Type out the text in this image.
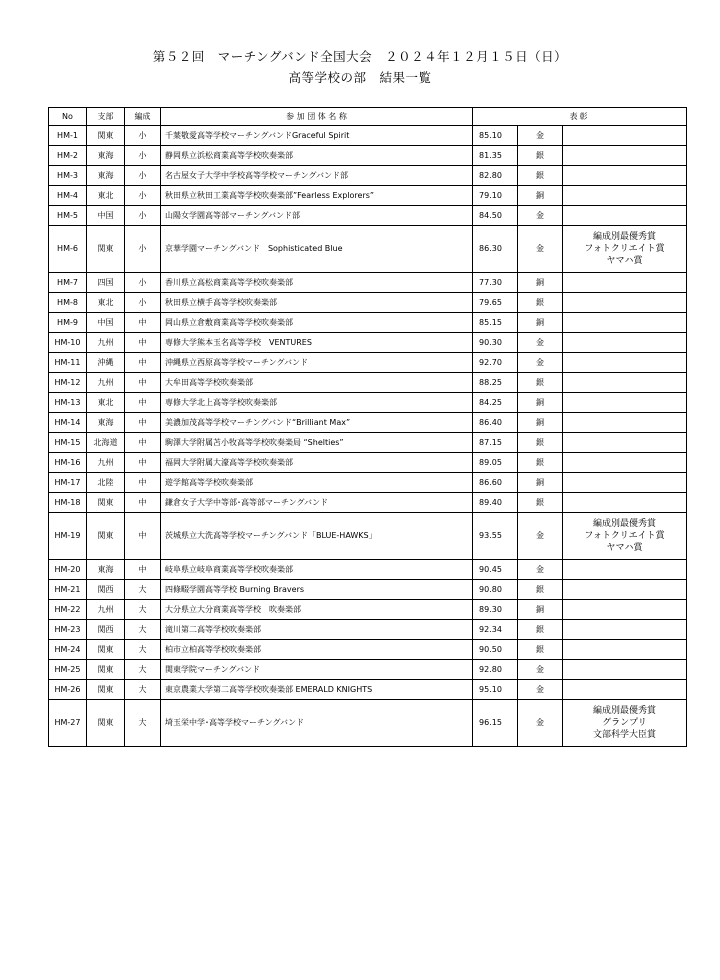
第５２回　マーチングバンド全国大会　２０２４年１２月１５日（日）
高等学校の部　結果一覧
No	支部	編成	参 加 団 体 名 称	表彰		
HM-1	関東	小	千葉敬愛高等学校マーチングバンドGraceful Spirit	85.10	金	
HM-2	東海	小	静岡県立浜松商業高等学校吹奏楽部	81.35	銀	
HM-3	東海	小	名古屋女子大学中学校高等学校マーチングバンド部	82.80	銀	
HM-4	東北	小	秋田県立秋田工業高等学校吹奏楽部”Fearless Explorers”	79.10	銅	
HM-5	中国	小	山陽女学園高等部マーチングバンド部	84.50	金	
HM-6	関東	小	京華学園マーチングバンド　Sophisticated Blue	86.30	金	編成別最優秀賞
フォトクリエイト賞
ヤマハ賞

HM-7	四国	小	香川県立高松商業高等学校吹奏楽部	77.30	銅	
HM-8	東北	小	秋田県立横手高等学校吹奏楽部	79.65	銀	
HM-9	中国	中	岡山県立倉敷商業高等学校吹奏楽部	85.15	銅	
HM-10	九州	中	専修大学熊本玉名高等学校　VENTURES	90.30	金	
HM-11	沖縄	中	沖縄県立西原高等学校マーチングバンド	92.70	金	
HM-12	九州	中	大牟田高等学校吹奏楽部	88.25	銀	
HM-13	東北	中	専修大学北上高等学校吹奏楽部	84.25	銅	
HM-14	東海	中	美濃加茂高等学校マーチングバンド“Brilliant Max”	86.40	銅	
HM-15	北海道	中	駒澤大学附属苫小牧高等学校吹奏楽局 “Shelties”	87.15	銀	
HM-16	九州	中	福岡大学附属大濠高等学校吹奏楽部	89.05	銀	
HM-17	北陸	中	遊学館高等学校吹奏楽部	86.60	銅	
HM-18	関東	中	鎌倉女子大学中等部･高等部マーチングバンド	89.40	銀	
HM-19	関東	中	茨城県立大洗高等学校マーチングバンド「BLUE-HAWKS」	93.55	金	編成別最優秀賞
フォトクリエイト賞
ヤマハ賞

HM-20	東海	中	岐阜県立岐阜商業高等学校吹奏楽部	90.45	金	
HM-21	関西	大	四條畷学園高等学校 Burning Bravers	90.80	銀	
HM-22	九州	大	大分県立大分商業高等学校　吹奏楽部	89.30	銅	
HM-23	関西	大	滝川第二高等学校吹奏楽部	92.34	銀	
HM-24	関東	大	柏市立柏高等学校吹奏楽部	90.50	銀	
HM-25	関東	大	関東学院マーチングバンド	92.80	金	
HM-26	関東	大	東京農業大学第二高等学校吹奏楽部 EMERALD KNIGHTS	95.10	金	
HM-27	関東	大	埼玉栄中学･高等学校マーチングバンド	96.15	金	編成別最優秀賞
グランプリ
文部科学大臣賞
